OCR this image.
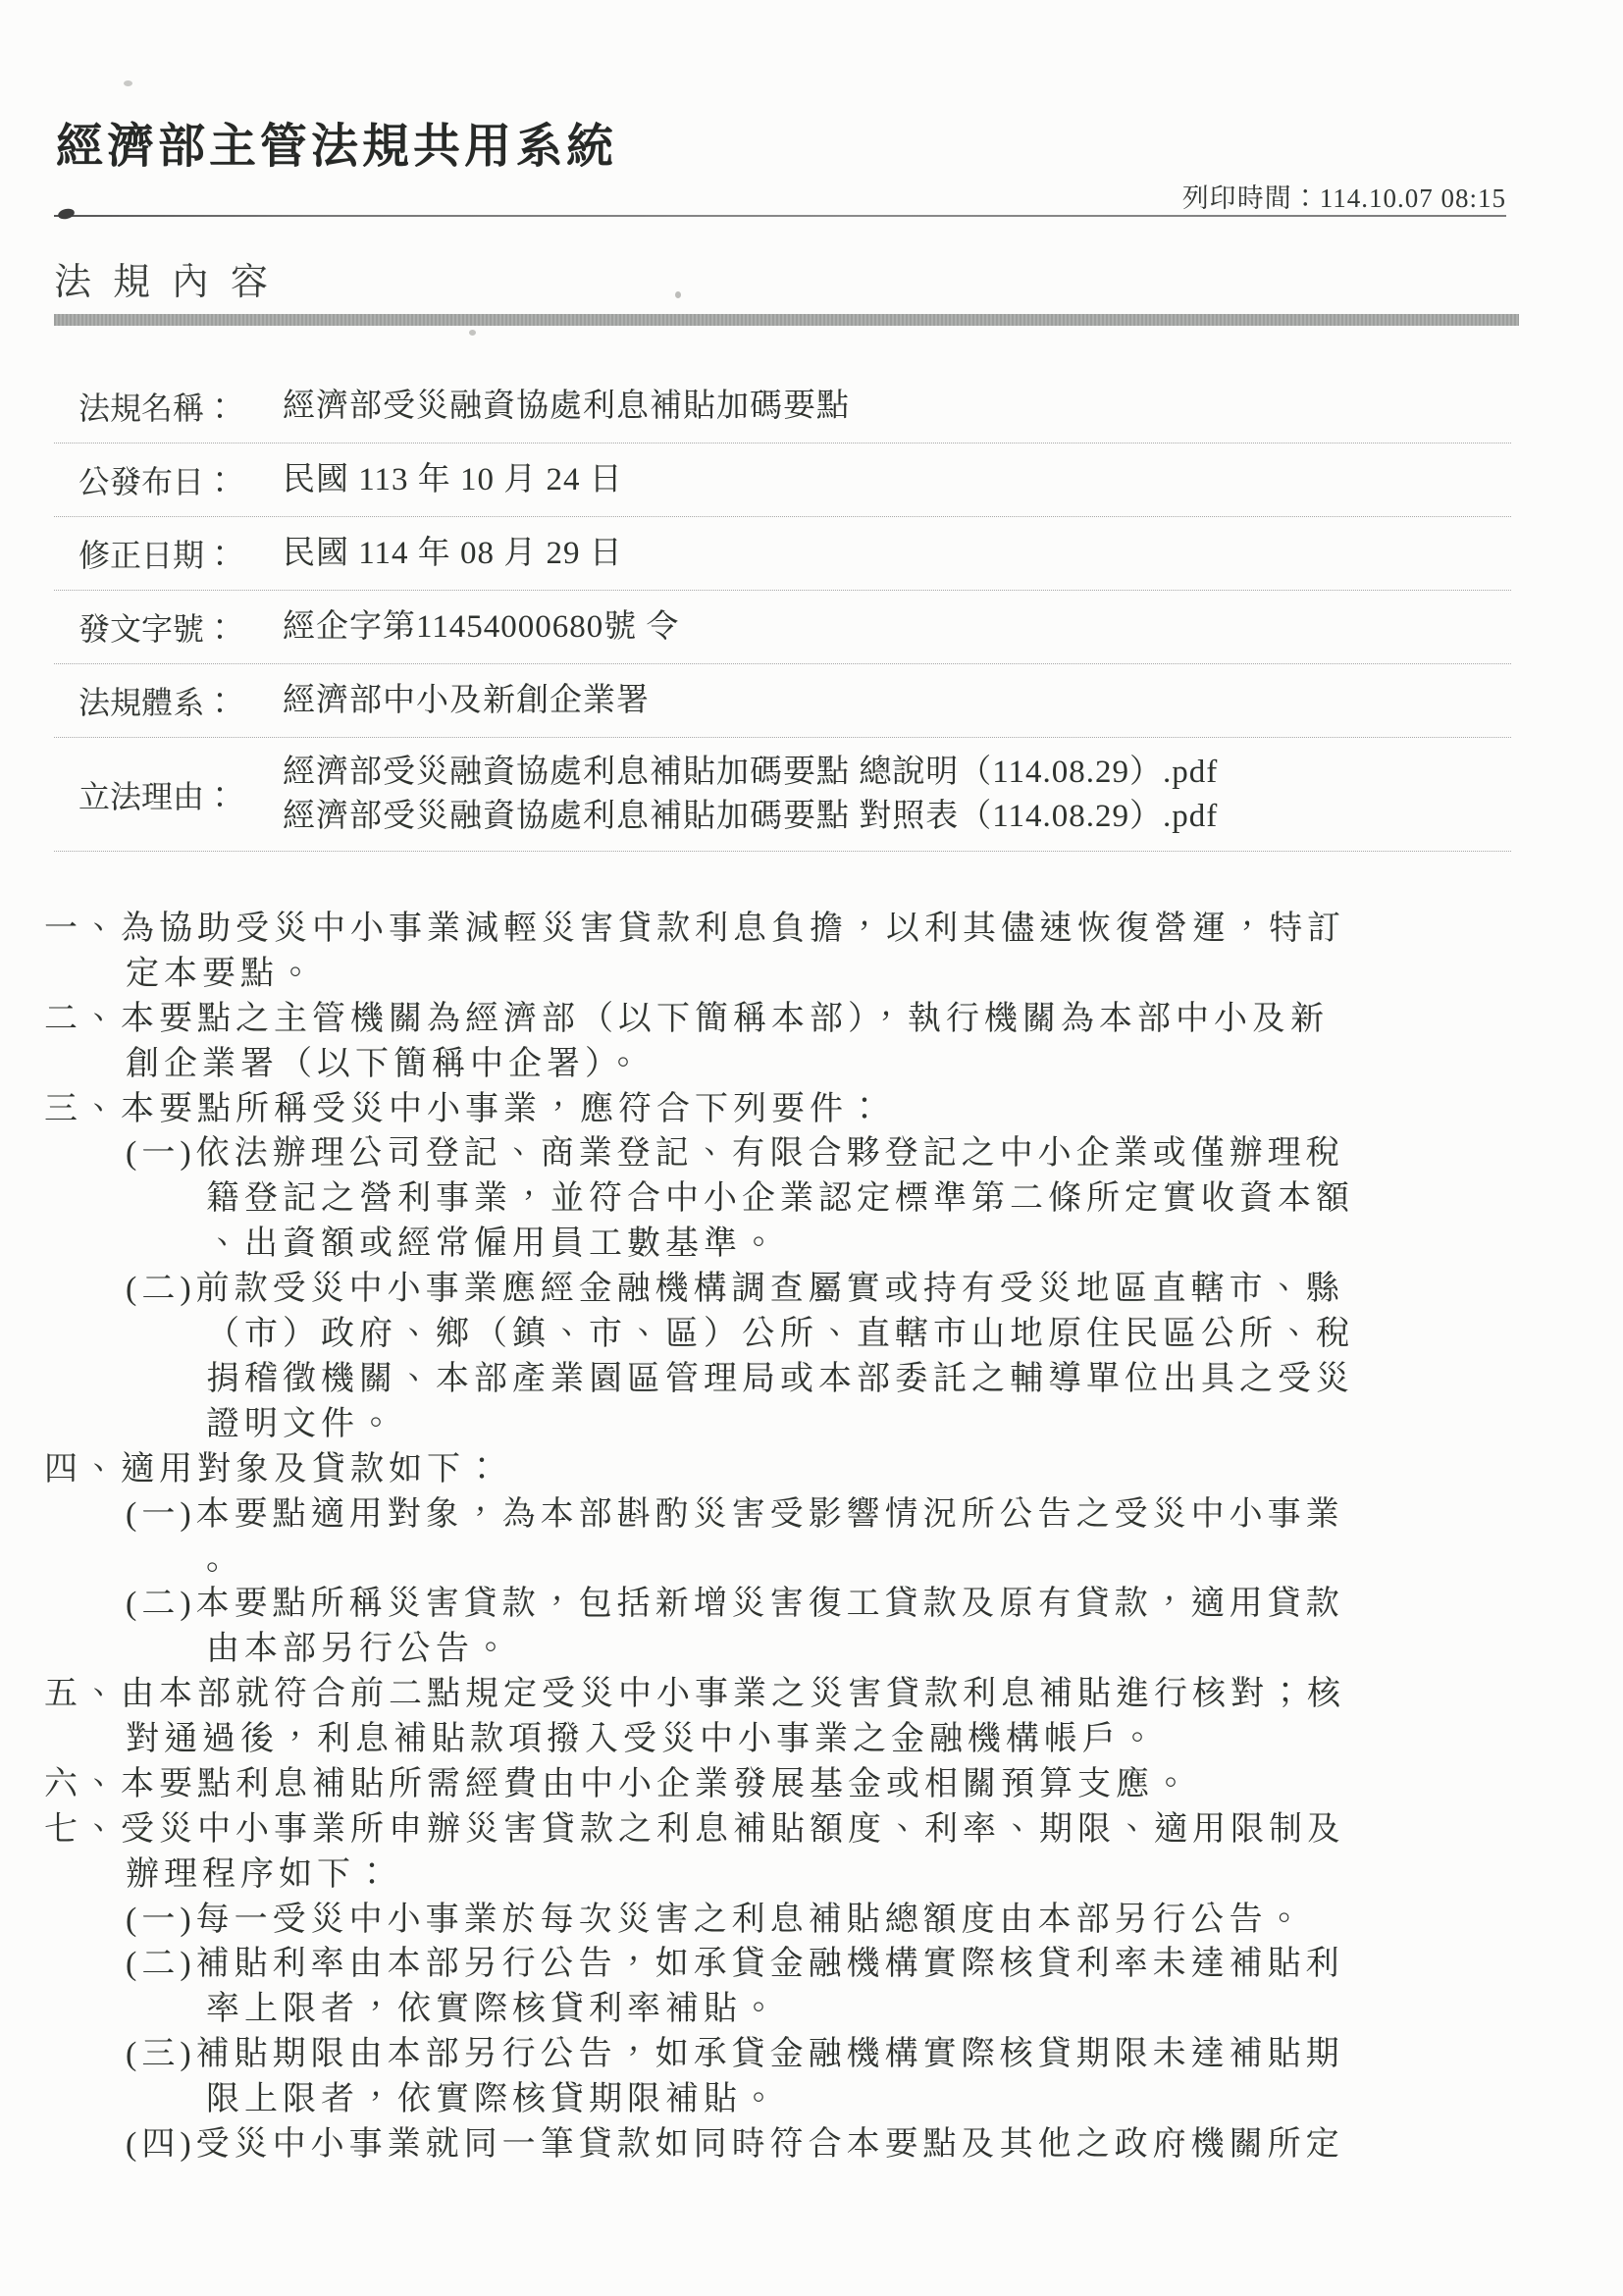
經濟部主管法規共用系統
列印時間：114.10.07 08:15
法規內容
法規名稱：	經濟部受災融資協處利息補貼加碼要點
公發布日：	民國 113 年 10 月 24 日
修正日期：	民國 114 年 08 月 29 日
發文字號：	經企字第11454000680號 令
法規體系：	經濟部中小及新創企業署
立法理由：
經濟部受災融資協處利息補貼加碼要點 總說明（114.08.29）.pdf
經濟部受災融資協處利息補貼加碼要點 對照表（114.08.29）.pdf
一、為協助受災中小事業減輕災害貸款利息負擔，以利其儘速恢復營運，特訂
定本要點。
二、本要點之主管機關為經濟部（以下簡稱本部），執行機關為本部中小及新
創企業署（以下簡稱中企署）。
三、本要點所稱受災中小事業，應符合下列要件：
(一)依法辦理公司登記、商業登記、有限合夥登記之中小企業或僅辦理稅
籍登記之營利事業，並符合中小企業認定標準第二條所定實收資本額
、出資額或經常僱用員工數基準。
(二)前款受災中小事業應經金融機構調查屬實或持有受災地區直轄市、縣
（市）政府、鄉（鎮、市、區）公所、直轄市山地原住民區公所、稅
捐稽徵機關、本部產業園區管理局或本部委託之輔導單位出具之受災
證明文件。
四、適用對象及貸款如下：
(一)本要點適用對象，為本部斟酌災害受影響情況所公告之受災中小事業
。
(二)本要點所稱災害貸款，包括新增災害復工貸款及原有貸款，適用貸款
由本部另行公告。
五、由本部就符合前二點規定受災中小事業之災害貸款利息補貼進行核對；核
對通過後，利息補貼款項撥入受災中小事業之金融機構帳戶。
六、本要點利息補貼所需經費由中小企業發展基金或相關預算支應。
七、受災中小事業所申辦災害貸款之利息補貼額度、利率、期限、適用限制及
辦理程序如下：
(一)每一受災中小事業於每次災害之利息補貼總額度由本部另行公告。
(二)補貼利率由本部另行公告，如承貸金融機構實際核貸利率未達補貼利
率上限者，依實際核貸利率補貼。
(三)補貼期限由本部另行公告，如承貸金融機構實際核貸期限未達補貼期
限上限者，依實際核貸期限補貼。
(四)受災中小事業就同一筆貸款如同時符合本要點及其他之政府機關所定
